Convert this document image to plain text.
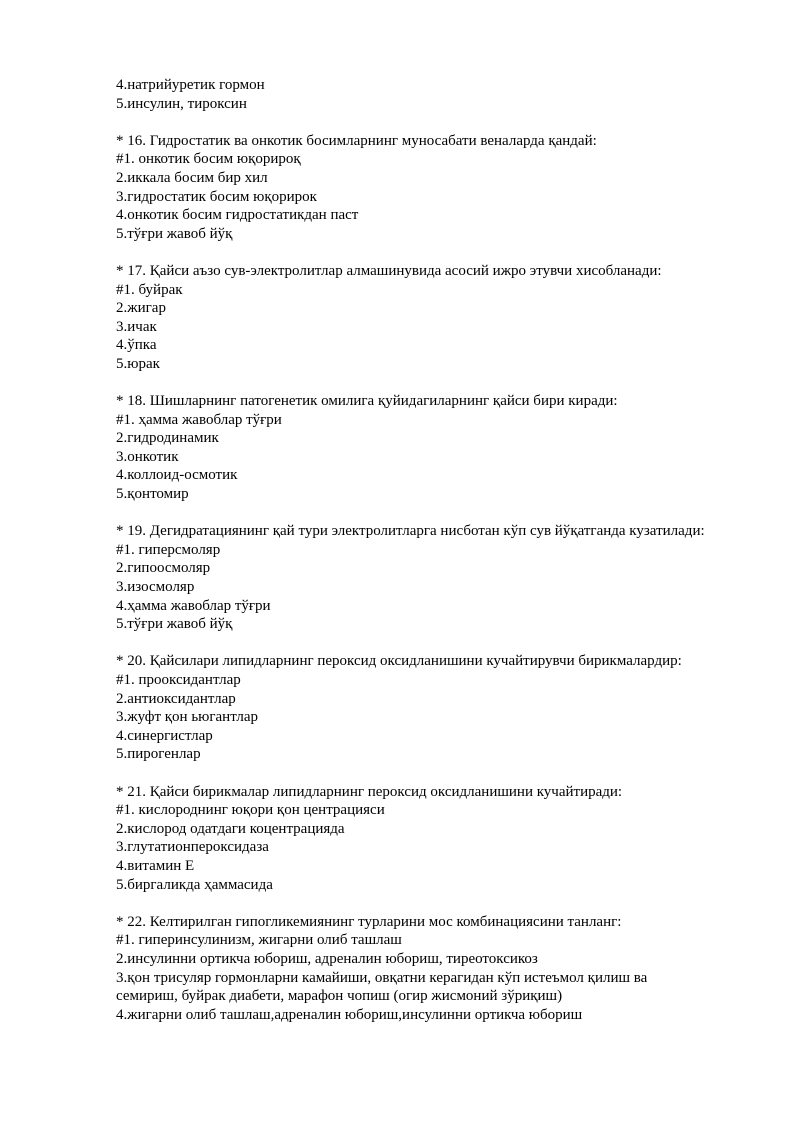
4.натрийуретик гормон
5.инсулин, тироксин
* 16. Гидростатик ва онкотик босимларнинг муносабати веналарда қандай:
#1. онкотик босим юқорироқ
2.иккала босим бир хил
3.гидростатик босим юқорирок
4.онкотик босим гидростатикдан паст
5.тўғри жавоб йўқ
* 17. Қайси аъзо сув-электролитлар алмашинувида асосий ижро этувчи хисобланади:
#1. буйрак
2.жигар
3.ичак
4.ўпка
5.юрак
* 18. Шишларнинг патогенетик омилига қуйидагиларнинг қайси бири киради:
#1. ҳамма жавоблар тўғри
2.гидродинамик
3.онкотик
4.коллоид-осмотик
5.қонтомир
* 19. Дегидратациянинг қай тури электролитларга нисботан кўп сув йўқатганда кузатилади:
#1. гиперсмоляр
2.гипоосмоляр
3.изосмоляр
4.ҳамма жавоблар тўғри
5.тўғри жавоб йўқ
* 20. Қайсилари липидларнинг пероксид оксидланишини кучайтирувчи бирикмалардир:
#1. прооксидантлар
2.антиоксидантлар
3.жуфт қон ьюгантлар
4.синергистлар
5.пирогенлар
* 21. Қайси бирикмалар липидларнинг пероксид оксидланишини кучайтиради:
#1. кислороднинг юқори қон центрацияси
2.кислород одатдаги коцентрацияда
3.глутатионпероксидаза
4.витамин Е
5.биргаликда ҳаммасида
* 22. Келтирилган гипогликемиянинг турларини мос комбинациясини танланг:
#1. гиперинсулинизм, жигарни олиб ташлаш
2.инсулинни ортикча юбориш, адреналин юбориш, тиреотоксикоз
3.қон трисуляр гормонларни камайиши, овқатни керагидан кўп истеъмол қилиш ва
семириш, буйрак диабети, марафон чопиш (огир жисмоний зўриқиш)
4.жигарни олиб ташлаш,адреналин юбориш,инсулинни ортикча юбориш
